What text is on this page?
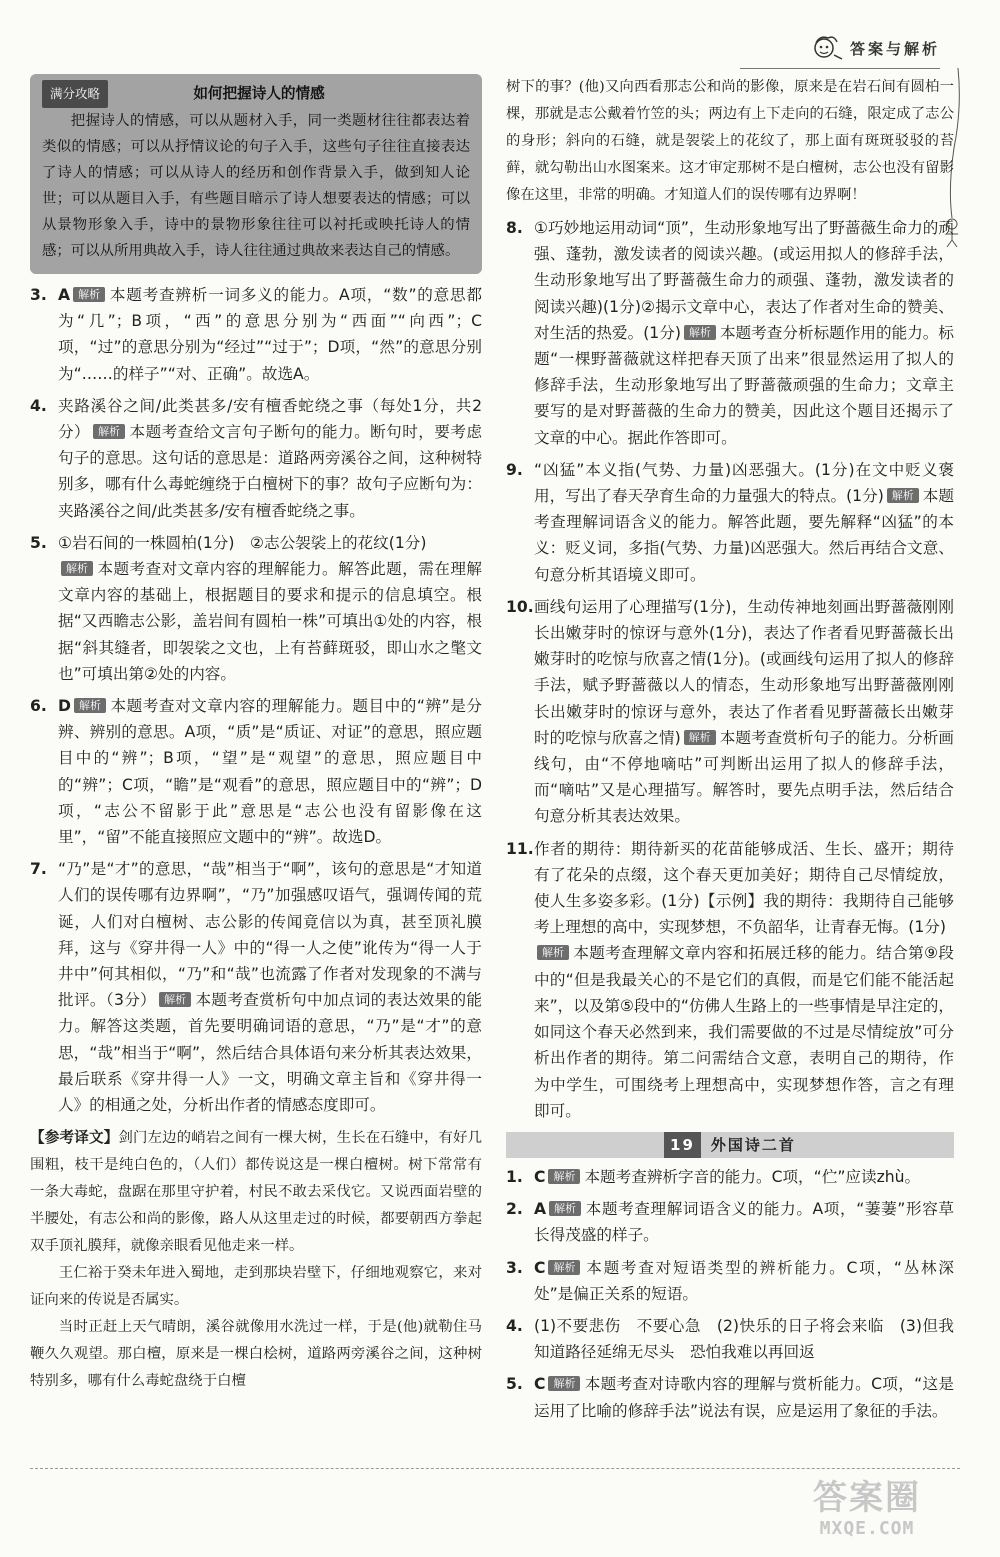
答案与解析
满分攻略	如何把握诗人的情感
把握诗人的情感，可以从题材入手，同一类题材往往都表达着类似的情感；可以从抒情议论的句子入手，这些句子往往直接表达了诗人的情感；可以从诗人的经历和创作背景入手，做到知人论世；可以从题目入手，有些题目暗示了诗人想要表达的情感；可以从景物形象入手，诗中的景物形象往往可以衬托或映托诗人的情感；可以从所用典故入手，诗人往往通过典故来表达自己的情感。
3. A 解析 本题考查辨析一词多义的能力。A项，“数”的意思都为“几”；B项，“西”的意思分别为“西面”“向西”；C项，“过”的意思分别为“经过”“过于”；D项，“然”的意思分别为“……的样子”“对、正确”。故选A。
4. 夹路溪谷之间/此类甚多/安有檀香蛇绕之事（每处1分，共2分） 解析 本题考查给文言句子断句的能力。断句时，要考虑句子的意思。这句话的意思是：道路两旁溪谷之间，这种树特别多，哪有什么毒蛇缠绕于白檀树下的事？故句子应断句为：夹路溪谷之间/此类甚多/安有檀香蛇绕之事。
5. ①岩石间的一株圆柏(1分)　②志公袈裟上的花纹(1分)
解析 本题考查对文章内容的理解能力。解答此题，需在理解文章内容的基础上，根据题目的要求和提示的信息填空。根据“又西瞻志公影，盖岩间有圆柏一株”可填出①处的内容，根据“斜其缝者，即袈裟之文也，上有苔藓斑驳，即山水之氅文也”可填出第②处的内容。
6. D 解析 本题考查对文章内容的理解能力。题目中的“辨”是分辨、辨别的意思。A项，“质”是“质证、对证”的意思，照应题目中的“辨”；B项，“望”是“观望”的意思，照应题目中的“辨”；C项，“瞻”是“观看”的意思，照应题目中的“辨”；D项，“志公不留影于此”意思是“志公也没有留影像在这里”，“留”不能直接照应文题中的“辨”。故选D。
7. “乃”是“才”的意思，“哉”相当于“啊”，该句的意思是“才知道人们的误传哪有边界啊”，“乃”加强感叹语气，强调传闻的荒诞，人们对白檀树、志公影的传闻竟信以为真，甚至顶礼膜拜，这与《穿井得一人》中的“得一人之使”讹传为“得一人于井中”何其相似，“乃”和“哉”也流露了作者对发现象的不满与批评。（3分） 解析 本题考查赏析句中加点词的表达效果的能力。解答这类题，首先要明确词语的意思，“乃”是“才”的意思，“哉”相当于“啊”，然后结合具体语句来分析其表达效果，最后联系《穿井得一人》一文，明确文章主旨和《穿井得一人》的相通之处，分析出作者的情感态度即可。

【参考译文】剑门左边的峭岩之间有一棵大树，生长在石缝中，有好几围粗，枝干是纯白色的，（人们）都传说这是一棵白檀树。树下常常有一条大毒蛇，盘踞在那里守护着，村民不敢去采伐它。又说西面岩壁的半腰处，有志公和尚的影像，路人从这里走过的时候，都要朝西方拳起双手顶礼膜拜，就像亲眼看见他走来一样。

王仁裕于癸未年进入蜀地，走到那块岩壁下，仔细地观察它，来对证向来的传说是否属实。

当时正赶上天气晴朗，溪谷就像用水洗过一样，于是(他)就勒住马鞭久久观望。那白檀，原来是一棵白桧树，道路两旁溪谷之间，这种树特别多，哪有什么毒蛇盘绕于白檀

树下的事？(他)又向西看那志公和尚的影像，原来是在岩石间有圆柏一棵，那就是志公戴着竹笠的头；两边有上下走向的石缝，限定成了志公的身形；斜向的石缝，就是袈裟上的花纹了，那上面有斑斑驳驳的苔藓，就勾勒出山水图案来。这才审定那树不是白檀树，志公也没有留影像在这里，非常的明确。才知道人们的误传哪有边界啊！
8. ①巧妙地运用动词“顶”，生动形象地写出了野蔷薇生命力的顽强、蓬勃，激发读者的阅读兴趣。(或运用拟人的修辞手法，生动形象地写出了野蔷薇生命力的顽强、蓬勃，激发读者的阅读兴趣)(1分)②揭示文章中心，表达了作者对生命的赞美、对生活的热爱。(1分) 解析 本题考查分析标题作用的能力。标题“一棵野蔷薇就这样把春天顶了出来”很显然运用了拟人的修辞手法，生动形象地写出了野蔷薇顽强的生命力；文章主要写的是对野蔷薇的生命力的赞美，因此这个题目还揭示了文章的中心。据此作答即可。
9. “凶猛”本义指(气势、力量)凶恶强大。(1分)在文中贬义褒用，写出了春天孕育生命的力量强大的特点。(1分) 解析 本题考查理解词语含义的能力。解答此题，要先解释“凶猛”的本义：贬义词，多指(气势、力量)凶恶强大。然后再结合文意、句意分析其语境义即可。
10. 画线句运用了心理描写(1分)，生动传神地刻画出野蔷薇刚刚长出嫩芽时的惊讶与意外(1分)，表达了作者看见野蔷薇长出嫩芽时的吃惊与欣喜之情(1分)。(或画线句运用了拟人的修辞手法，赋予野蔷薇以人的情态，生动形象地写出野蔷薇刚刚长出嫩芽时的惊讶与意外，表达了作者看见野蔷薇长出嫩芽时的吃惊与欣喜之情) 解析 本题考查赏析句子的能力。分析画线句，由“不停地嘀咕”可判断出运用了拟人的修辞手法，而“嘀咕”又是心理描写。解答时，要先点明手法，然后结合句意分析其表达效果。
11. 作者的期待：期待新买的花苗能够成活、生长、盛开；期待有了花朵的点缀，这个春天更加美好；期待自己尽情绽放，使人生多姿多彩。(1分)【示例】我的期待：我期待自己能够考上理想的高中，实现梦想，不负韶华，让青春无悔。(1分)
解析 本题考查理解文章内容和拓展迁移的能力。结合第⑨段中的“但是我最关心的不是它们的真假，而是它们能不能活起来”，以及第⑤段中的“仿佛人生路上的一些事情是早注定的，如同这个春天必然到来，我们需要做的不过是尽情绽放”可分析出作者的期待。第二问需结合文意，表明自己的期待，作为中学生，可围绕考上理想高中，实现梦想作答，言之有理即可。
19	外国诗二首
1. C 解析 本题考查辨析字音的能力。C项，“伫”应读zhù。
2. A 解析 本题考查理解词语含义的能力。A项，“萋萋”形容草长得茂盛的样子。
3. C 解析 本题考查对短语类型的辨析能力。C项，“丛林深处”是偏正关系的短语。
4. (1)不要悲伤　不要心急　(2)快乐的日子将会来临　(3)但我知道路径延绵无尽头　恐怕我难以再回返
5. C 解析 本题考查对诗歌内容的理解与赏析能力。C项，“这是运用了比喻的修辞手法”说法有误，应是运用了象征的手法。
答案圈
MXQE.COM
